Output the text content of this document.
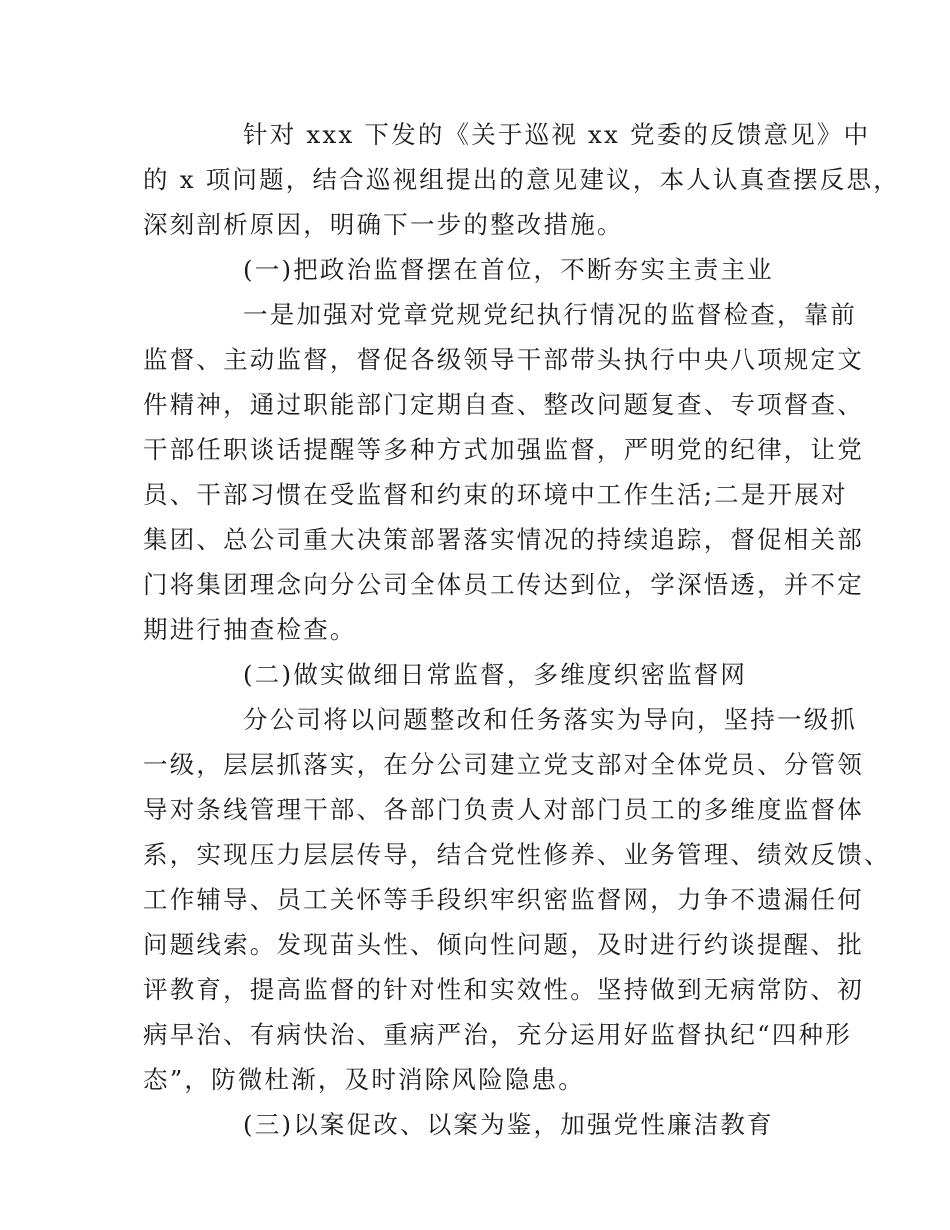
针对 xxx 下发的《关于巡视 xx 党委的反馈意见》中
的 x 项问题，结合巡视组提出的意见建议，本人认真查摆反思，
深刻剖析原因，明确下一步的整改措施。
(一)把政治监督摆在首位，不断夯实主责主业
一是加强对党章党规党纪执行情况的监督检查，靠前
监督、主动监督，督促各级领导干部带头执行中央八项规定文
件精神，通过职能部门定期自查、整改问题复查、专项督查、
干部任职谈话提醒等多种方式加强监督，严明党的纪律，让党
员、干部习惯在受监督和约束的环境中工作生活;二是开展对
集团、总公司重大决策部署落实情况的持续追踪，督促相关部
门将集团理念向分公司全体员工传达到位，学深悟透，并不定
期进行抽查检查。
(二)做实做细日常监督，多维度织密监督网
分公司将以问题整改和任务落实为导向，坚持一级抓
一级，层层抓落实，在分公司建立党支部对全体党员、分管领
导对条线管理干部、各部门负责人对部门员工的多维度监督体
系，实现压力层层传导，结合党性修养、业务管理、绩效反馈、
工作辅导、员工关怀等手段织牢织密监督网，力争不遗漏任何
问题线索。发现苗头性、倾向性问题，及时进行约谈提醒、批
评教育，提高监督的针对性和实效性。坚持做到无病常防、初
病早治、有病快治、重病严治，充分运用好监督执纪“四种形
态”，防微杜渐，及时消除风险隐患。
(三)以案促改、以案为鉴，加强党性廉洁教育
